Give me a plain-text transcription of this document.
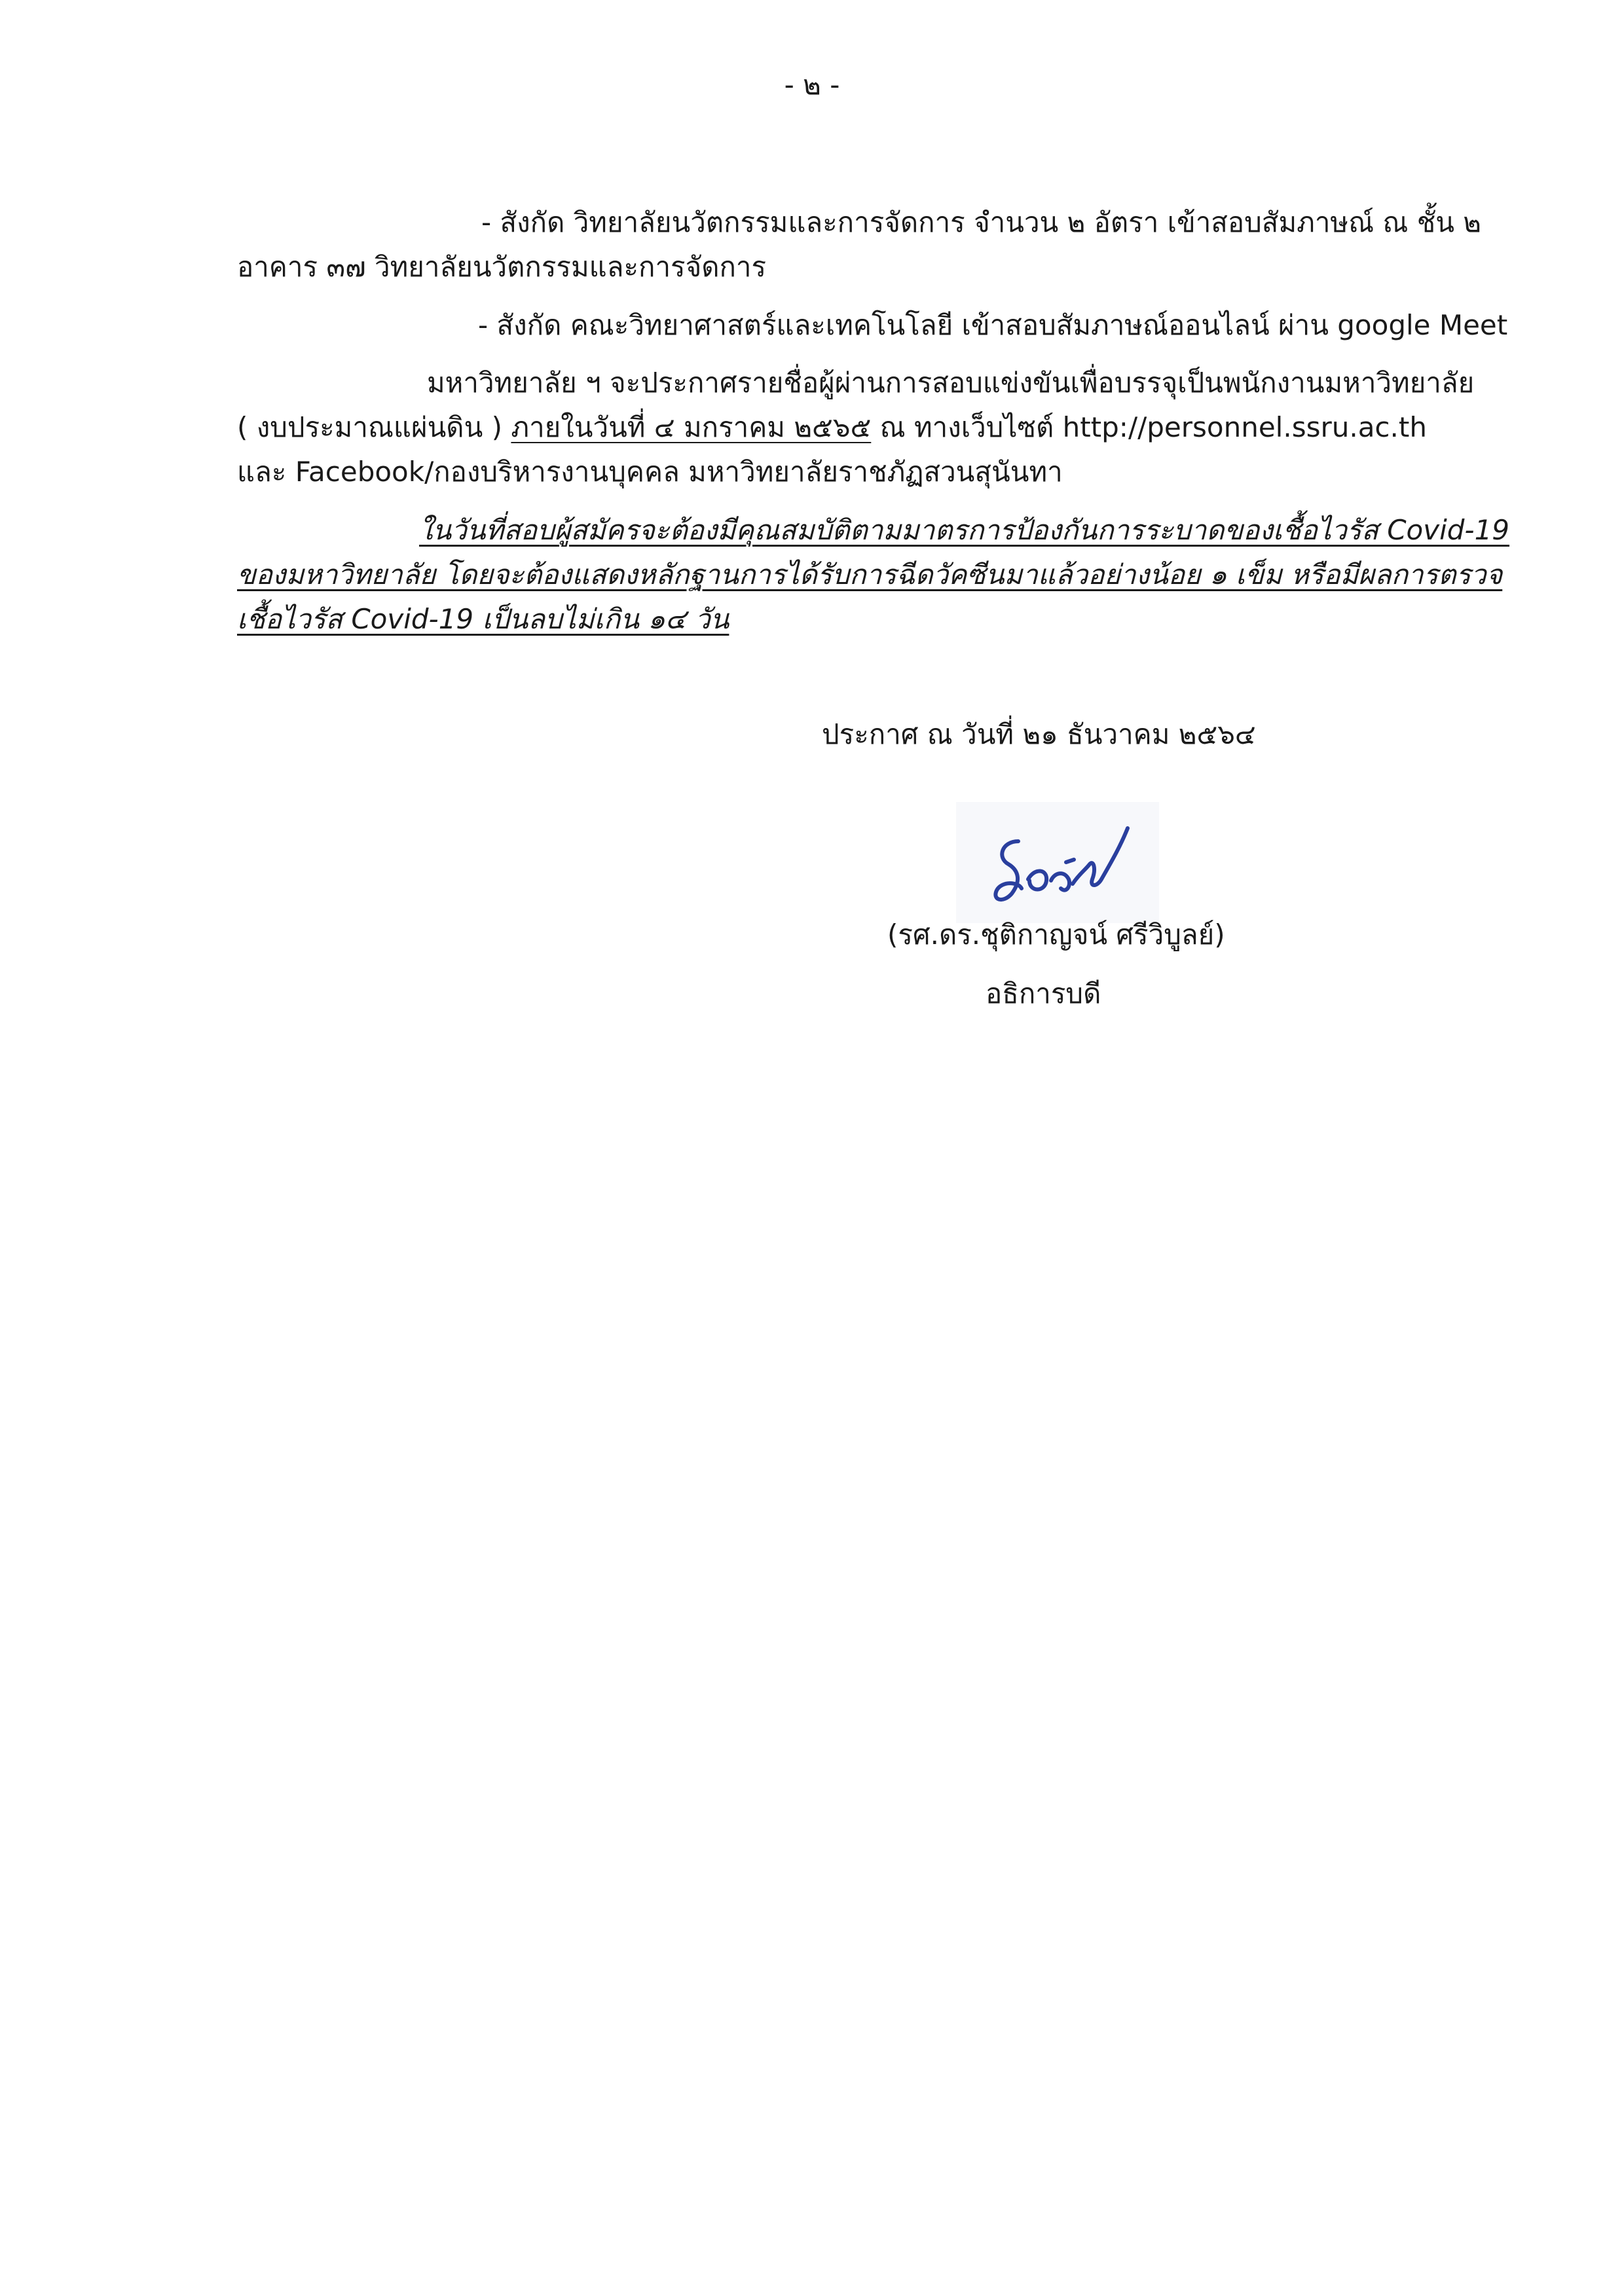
- ๒ -
- สังกัด วิทยาลัยนวัตกรรมและการจัดการ จำนวน ๒ อัตรา เข้าสอบสัมภาษณ์ ณ ชั้น ๒
อาคาร ๓๗ วิทยาลัยนวัตกรรมและการจัดการ
- สังกัด คณะวิทยาศาสตร์และเทคโนโลยี เข้าสอบสัมภาษณ์ออนไลน์ ผ่าน google Meet
มหาวิทยาลัย ฯ จะประกาศรายชื่อผู้ผ่านการสอบแข่งขันเพื่อบรรจุเป็นพนักงานมหาวิทยาลัย
( งบประมาณแผ่นดิน ) ภายในวันที่ ๔ มกราคม ๒๕๖๕ ณ ทางเว็บไซต์ http://personnel.ssru.ac.th
และ Facebook/กองบริหารงานบุคคล มหาวิทยาลัยราชภัฏสวนสุนันทา
ในวันที่สอบผู้สมัครจะต้องมีคุณสมบัติตามมาตรการป้องกันการระบาดของเชื้อไวรัส Covid-19
ของมหาวิทยาลัย โดยจะต้องแสดงหลักฐานการได้รับการฉีดวัคซีนมาแล้วอย่างน้อย ๑ เข็ม หรือมีผลการตรวจ
เชื้อไวรัส Covid-19 เป็นลบไม่เกิน ๑๔ วัน
ประกาศ ณ วันที่ ๒๑ ธันวาคม ๒๕๖๔
(รศ.ดร.ชุติกาญจน์ ศรีวิบูลย์)
อธิการบดี
